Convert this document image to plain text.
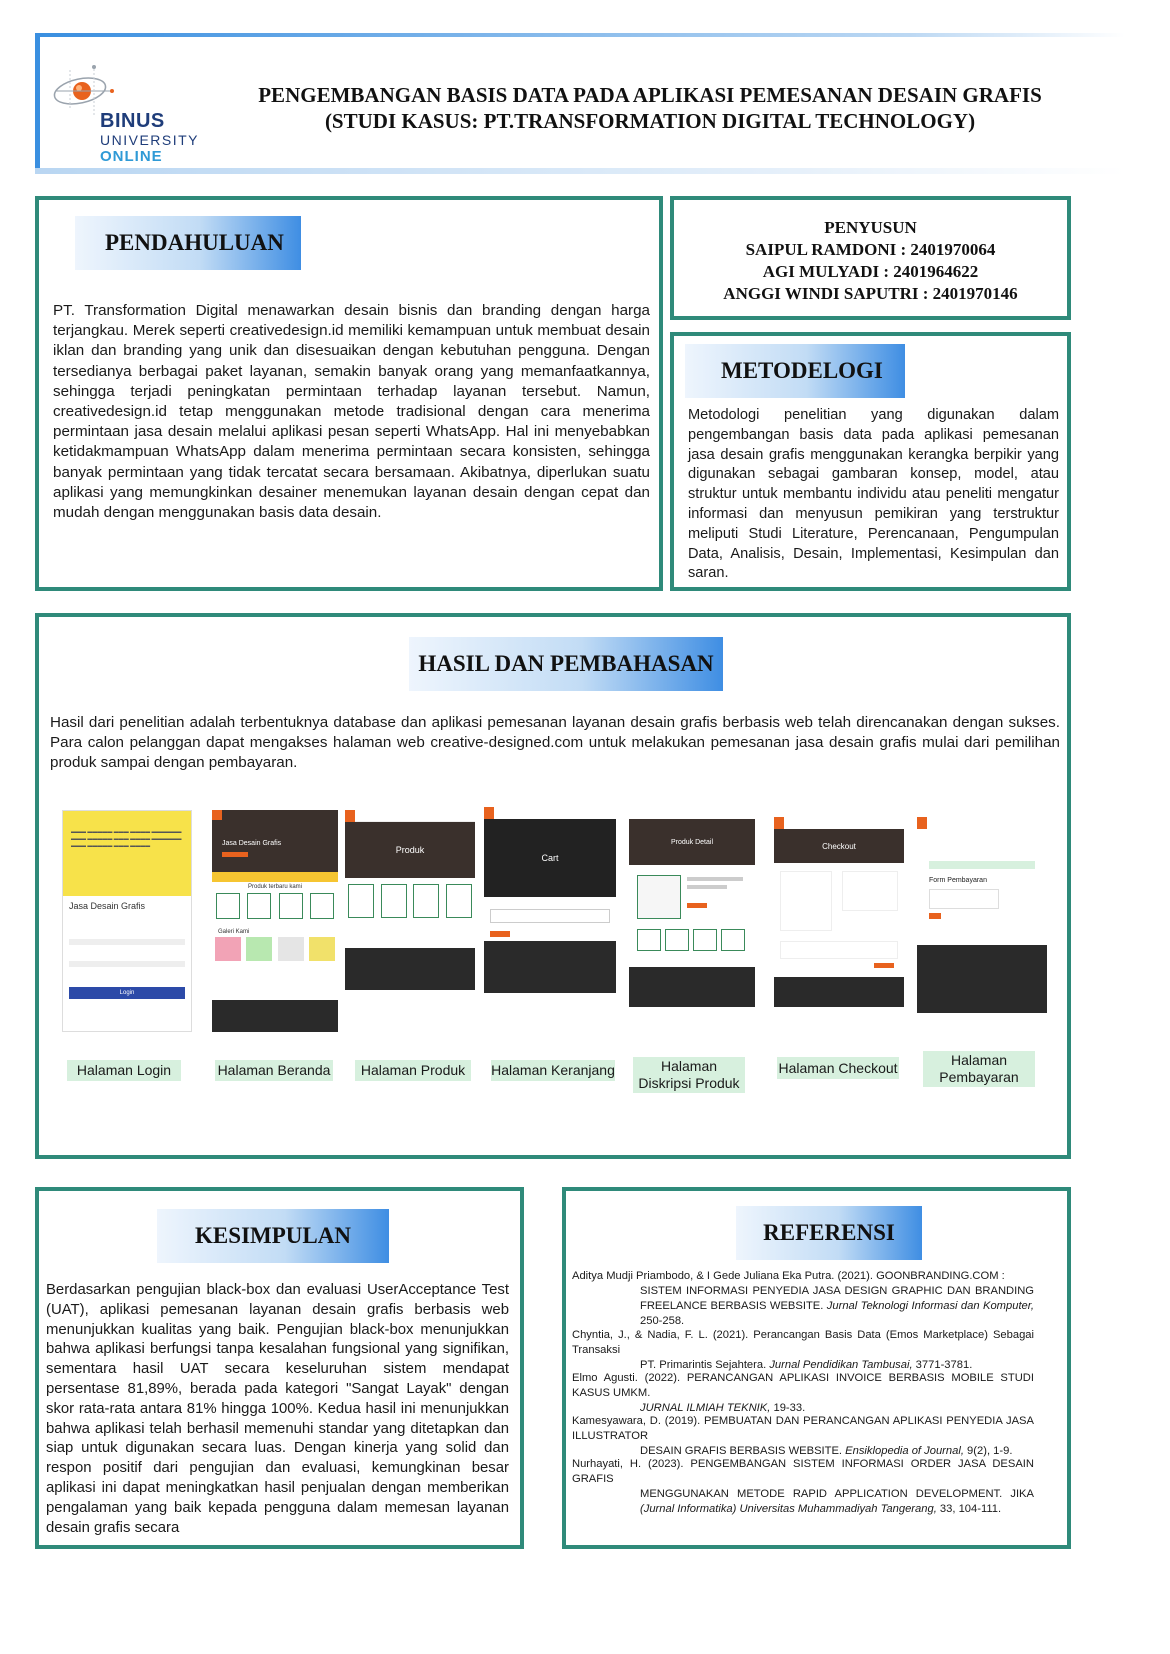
BINUS
UNIVERSITY
ONLINE
PENGEMBANGAN BASIS DATA PADA APLIKASI PEMESANAN DESAIN GRAFIS
(STUDI KASUS: PT.TRANSFORMATION DIGITAL TECHNOLOGY)
PENDAHULUAN
PT. Transformation Digital menawarkan desain bisnis dan branding dengan harga terjangkau. Merek seperti creativedesign.id memiliki kemampuan untuk membuat desain iklan dan branding yang unik dan disesuaikan dengan kebutuhan pengguna. Dengan tersedianya berbagai paket layanan, semakin banyak orang yang memanfaatkannya, sehingga terjadi peningkatan permintaan terhadap layanan tersebut. Namun, creativedesign.id tetap menggunakan metode tradisional dengan cara menerima permintaan jasa desain melalui aplikasi pesan seperti WhatsApp. Hal ini menyebabkan ketidakmampuan WhatsApp dalam menerima permintaan secara konsisten, sehingga banyak permintaan yang tidak tercatat secara bersamaan. Akibatnya, diperlukan suatu aplikasi yang memungkinkan desainer menemukan layanan desain dengan cepat dan mudah dengan menggunakan basis data desain.
PENYUSUN
SAIPUL RAMDONI : 2401970064
AGI MULYADI : 2401964622
ANGGI WINDI SAPUTRI : 2401970146
METODELOGI
Metodologi penelitian yang digunakan dalam pengembangan basis data pada aplikasi pemesanan jasa desain grafis menggunakan kerangka berpikir yang digunakan sebagai gambaran konsep, model, atau struktur untuk membantu individu atau peneliti mengatur informasi dan menyusun pemikiran yang terstruktur meliputi Studi Literature, Perencanaan, Pengumpulan Data, Analisis, Desain, Implementasi, Kesimpulan dan saran.
HASIL DAN PEMBAHASAN
Hasil dari penelitian adalah terbentuknya database dan aplikasi pemesanan layanan desain grafis berbasis web telah direncanakan dengan sukses. Para calon pelanggan dapat mengakses halaman web creative-designed.com untuk melakukan pemesanan jasa desain grafis mulai dari pemilihan produk sampai dengan pembayaran.
▬▬▬ ▬▬▬▬▬ ▬▬▬ ▬▬▬▬ ▬▬▬▬▬▬ ▬▬▬ ▬▬▬▬▬ ▬▬▬ ▬▬▬▬ ▬▬▬▬▬▬ ▬▬▬ ▬▬▬▬▬ ▬▬▬ ▬▬▬▬
Jasa Desain Grafis
Login
Halaman Login
Jasa Desain Grafis
Produk terbaru kami
Galeri Kami
Halaman Beranda
Produk
Halaman Produk
Cart
Halaman Keranjang
Produk Detail
Halaman Diskripsi Produk
Checkout
Halaman Checkout
Form Pembayaran
Halaman Pembayaran
KESIMPULAN
Berdasarkan pengujian black-box dan evaluasi UserAcceptance Test (UAT), aplikasi pemesanan layanan desain grafis berbasis web menunjukkan kualitas yang baik. Pengujian black-box menunjukkan bahwa aplikasi berfungsi tanpa kesalahan fungsional yang signifikan, sementara hasil UAT secara keseluruhan sistem mendapat persentase 81,89%, berada pada kategori "Sangat Layak" dengan skor rata-rata antara 81% hingga 100%. Kedua hasil ini menunjukkan bahwa aplikasi telah berhasil memenuhi standar yang ditetapkan dan siap untuk digunakan secara luas. Dengan kinerja yang solid dan respon positif dari pengujian dan evaluasi, kemungkinan besar aplikasi ini dapat meningkatkan hasil penjualan dengan memberikan pengalaman yang baik kepada pengguna dalam memesan layanan desain grafis secara
REFERENSI
Aditya Mudji Priambodo, & I Gede Juliana Eka Putra. (2021). GOONBRANDING.COM :
SISTEM INFORMASI PENYEDIA JASA DESIGN GRAPHIC DAN BRANDING FREELANCE BERBASIS WEBSITE. Jurnal Teknologi Informasi dan Komputer, 250-258.
Chyntia, J., & Nadia, F. L. (2021). Perancangan Basis Data (Emos Marketplace) Sebagai Transaksi
PT. Primarintis Sejahtera. Jurnal Pendidikan Tambusai, 3771-3781.
Elmo Agusti. (2022). PERANCANGAN APLIKASI INVOICE BERBASIS MOBILE STUDI KASUS UMKM.
JURNAL ILMIAH TEKNIK, 19-33.
Kamesyawara, D. (2019). PEMBUATAN DAN PERANCANGAN APLIKASI PENYEDIA JASA ILLUSTRATOR
DESAIN GRAFIS BERBASIS WEBSITE. Ensiklopedia of Journal, 9(2), 1-9.
Nurhayati, H. (2023). PENGEMBANGAN SISTEM INFORMASI ORDER JASA DESAIN GRAFIS
MENGGUNAKAN METODE RAPID APPLICATION DEVELOPMENT. JIKA (Jurnal Informatika) Universitas Muhammadiyah Tangerang, 33, 104-111.
